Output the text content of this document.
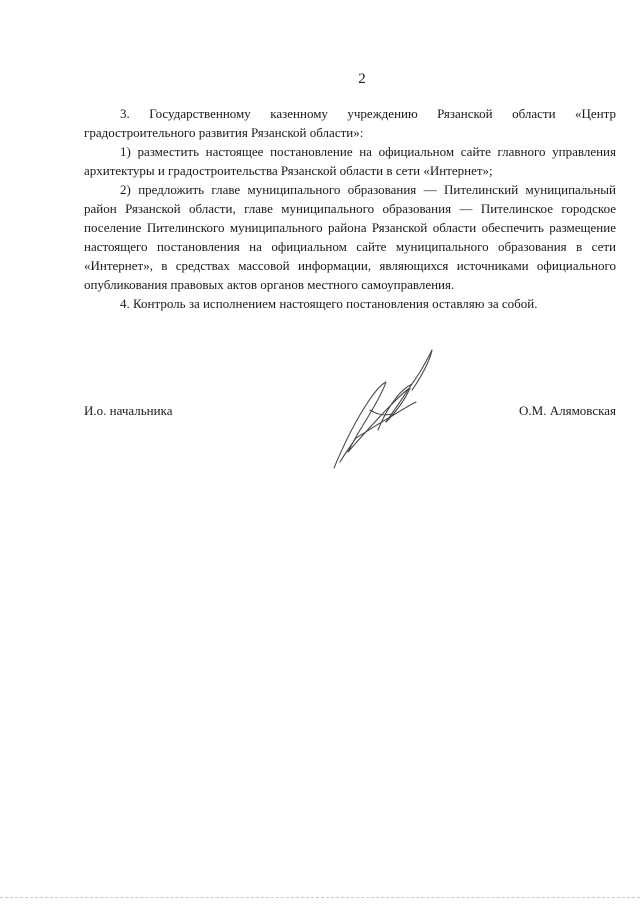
2

3. Государственному казенному учреждению Рязанской области «Центр градостроительного развития Рязанской области»:

1) разместить настоящее постановление на официальном сайте главного управления архитектуры и градостроительства Рязанской области в сети «Интернет»;

2) предложить главе муниципального образования — Пителинский муниципальный район Рязанской области, главе муниципального образования — Пителинское городское поселение Пителинского муниципального района Рязанской области обеспечить размещение настоящего постановления на официальном сайте муниципального образования в сети «Интернет», в средствах массовой информации, являющихся источниками официального опубликования правовых актов органов местного самоуправления.

4. Контроль за исполнением настоящего постановления оставляю за собой.

И.о. начальника	О.М. Алямовская
